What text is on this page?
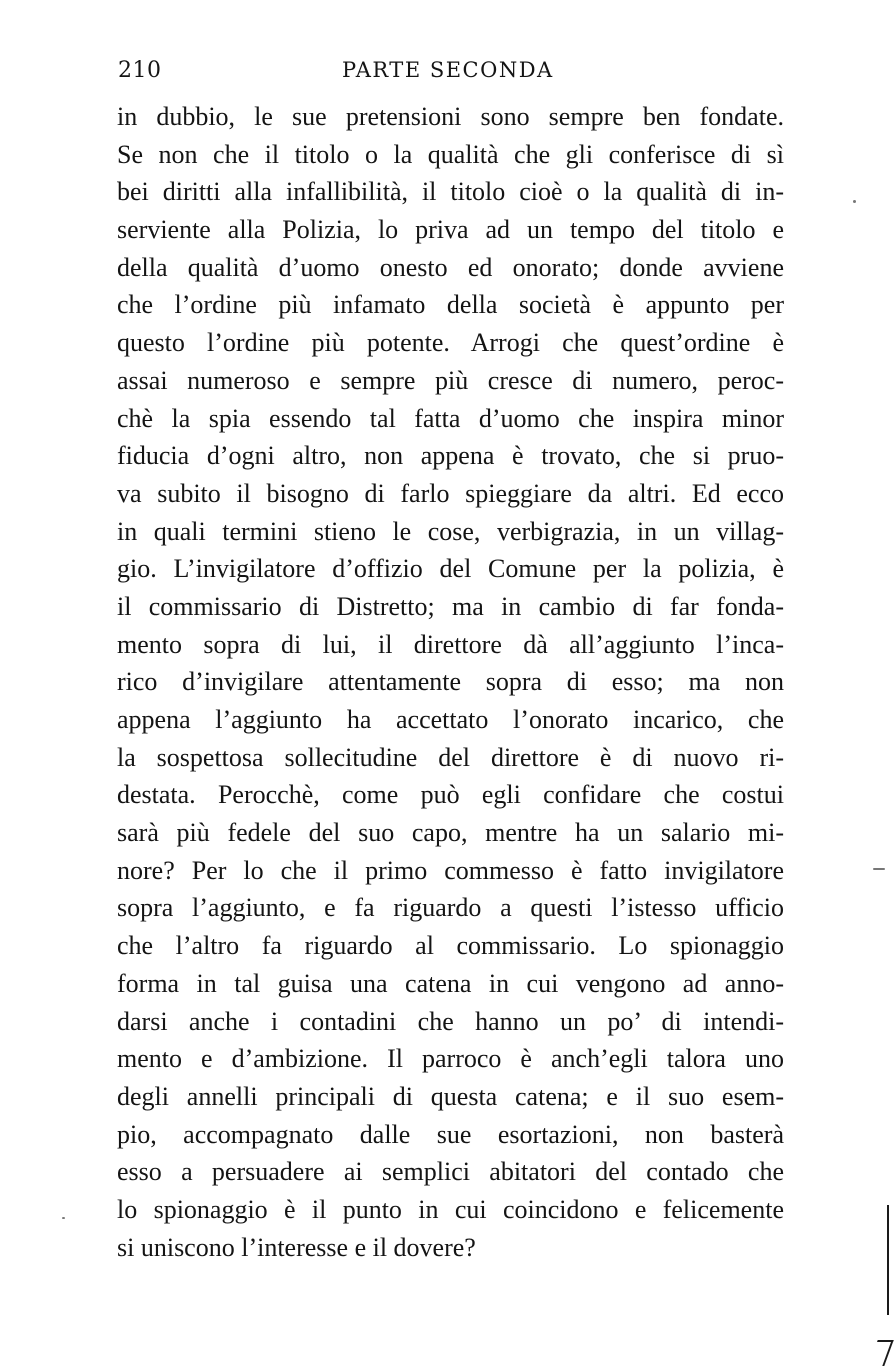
210	PARTE SECONDA
in dubbio, le sue pretensioni sono sempre ben fondate.
Se non che il titolo o la qualità che gli conferisce di sì
bei diritti alla infallibilità, il titolo cioè o la qualità di in-
serviente alla Polizia, lo priva ad un tempo del titolo e
della qualità d’uomo onesto ed onorato; donde avviene
che l’ordine più infamato della società è appunto per
questo l’ordine più potente. Arrogi che quest’ordine è
assai numeroso e sempre più cresce di numero, peroc-
chè la spia essendo tal fatta d’uomo che inspira minor
fiducia d’ogni altro, non appena è trovato, che si pruo-
va subito il bisogno di farlo spieggiare da altri. Ed ecco
in quali termini stieno le cose, verbigrazia, in un villag-
gio. L’invigilatore d’offizio del Comune per la polizia, è
il commissario di Distretto; ma in cambio di far fonda-
mento sopra di lui, il direttore dà all’aggiunto l’inca-
rico d’invigilare attentamente sopra di esso; ma non
appena l’aggiunto ha accettato l’onorato incarico, che
la sospettosa sollecitudine del direttore è di nuovo ri-
destata. Perocchè, come può egli confidare che costui
sarà più fedele del suo capo, mentre ha un salario mi-
nore? Per lo che il primo commesso è fatto invigilatore
sopra l’aggiunto, e fa riguardo a questi l’istesso ufficio
che l’altro fa riguardo al commissario. Lo spionaggio
forma in tal guisa una catena in cui vengono ad anno-
darsi anche i contadini che hanno un po’ di intendi-
mento e d’ambizione. Il parroco è anch’egli talora uno
degli annelli principali di questa catena; e il suo esem-
pio, accompagnato dalle sue esortazioni, non basterà
esso a persuadere ai semplici abitatori del contado che
lo spionaggio è il punto in cui coincidono e felicemente
si uniscono l’interesse e il dovere?
